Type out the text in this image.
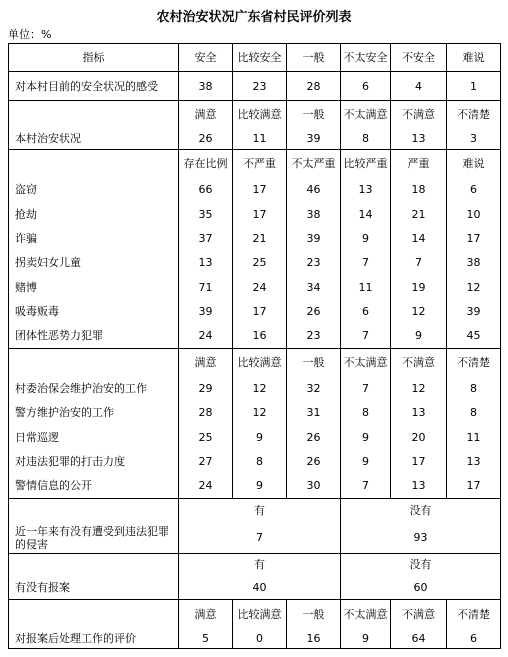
农村治安状况广东省村民评价列表
单位：%
指标	安全	比较安全	一般	不太安全	不安全	难说
对本村目前的安全状况的感受	38	23	28	6	4	1
	满意	比较满意	一般	不太满意	不满意	不清楚
本村治安状况	26	11	39	8	13	3
	存在比例	不严重	不太严重	比较严重	严重	难说
盗窃	66	17	46	13	18	6
抢劫	35	17	38	14	21	10
诈骗	37	21	39	9	14	17
拐卖妇女儿童	13	25	23	7	7	38
赌博	71	24	34	11	19	12
吸毒贩毒	39	17	26	6	12	39
团体性恶势力犯罪	24	16	23	7	9	45
	满意	比较满意	一般	不太满意	不满意	不清楚
村委治保会维护治安的工作	29	12	32	7	12	8
警方维护治安的工作	28	12	31	8	13	8
日常巡逻	25	9	26	9	20	11
对违法犯罪的打击力度	27	8	26	9	17	13
警情信息的公开	24	9	30	7	13	17
	有			没有		
近一年来有没有遭受到违法犯罪的侵害	7			93		
	有			没有		
有没有报案	40			60		
	满意	比较满意	一般	不太满意	不满意	不清楚
对报案后处理工作的评价	5	0	16	9	64	6
